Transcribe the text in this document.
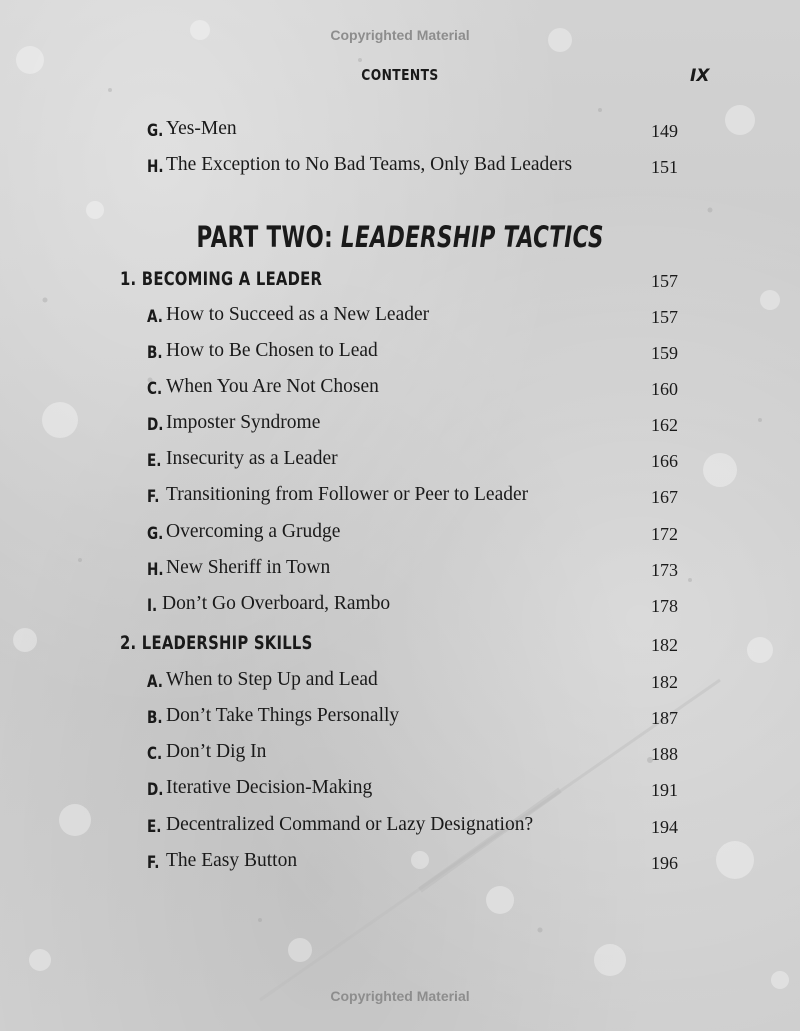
Copyrighted Material
CONTENTS	IX
G. Yes-Men	149
H. The Exception to No Bad Teams, Only Bad Leaders	151
PART TWO: LEADERSHIP TACTICS
1. BECOMING A LEADER	157
A. How to Succeed as a New Leader	157
B. How to Be Chosen to Lead	159
C. When You Are Not Chosen	160
D. Imposter Syndrome	162
E. Insecurity as a Leader	166
F. Transitioning from Follower or Peer to Leader	167
G. Overcoming a Grudge	172
H. New Sheriff in Town	173
I. Don’t Go Overboard, Rambo	178
2. LEADERSHIP SKILLS	182
A. When to Step Up and Lead	182
B. Don’t Take Things Personally	187
C. Don’t Dig In	188
D. Iterative Decision-Making	191
E. Decentralized Command or Lazy Designation?	194
F. The Easy Button	196
Copyrighted Material
